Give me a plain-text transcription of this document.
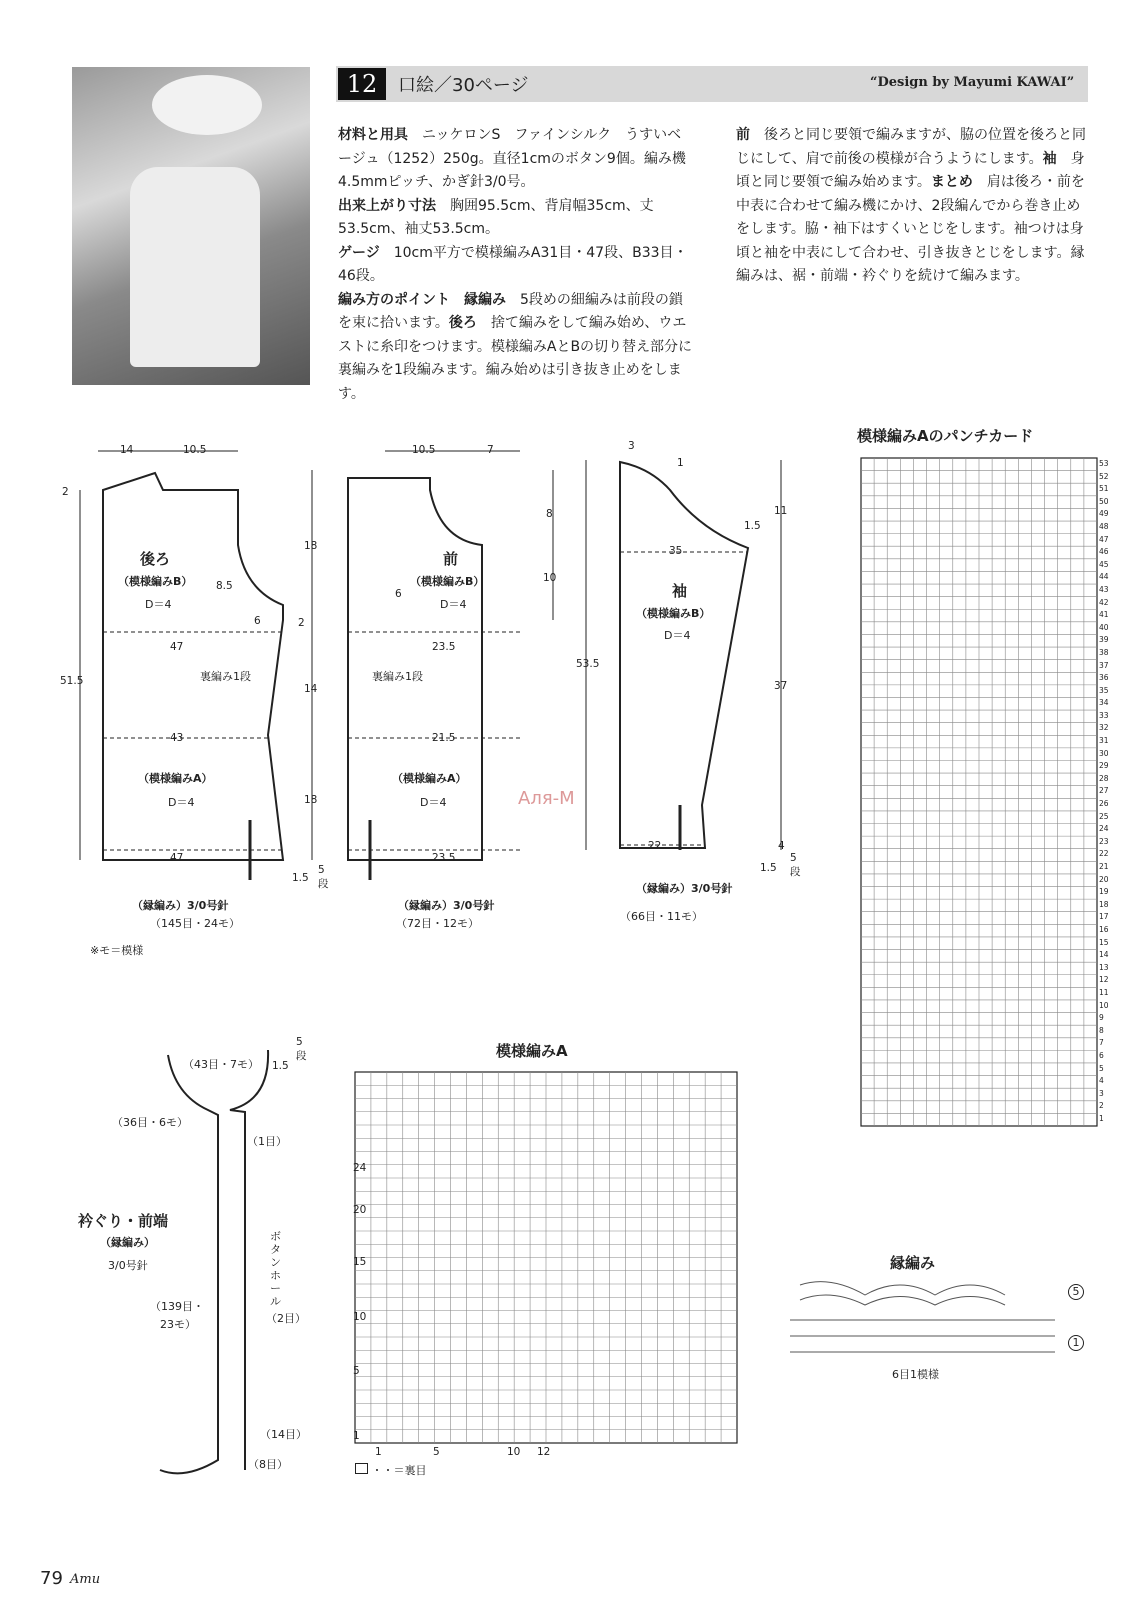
12	口絵／30ページ	“Design by Mayumi KAWAI”
材料と用具　 ニッケロンS　ファインシルク　うすいベージュ（1252）250g。直径1cmのボタン9個。編み機4.5mmピッチ、かぎ針3/0号。
出来上がり寸法　 胸囲95.5cm、背肩幅35cm、丈53.5cm、袖丈53.5cm。
ゲージ　 10cm平方で模様編みA31目・47段、B33目・46段。
編み方のポイント　 縁編み　 5段めの細編みは前段の鎖を束に拾います。後ろ　 捨て編みをして編み始め、ウエストに糸印をつけます。模様編みAとBの切り替え部分に裏編みを1段編みます。編み始めは引き抜き止めをします。
前　 後ろと同じ要領で編みますが、脇の位置を後ろと同じにして、肩で前後の模様が合うようにします。袖　 身頃と同じ要領で編み始めます。まとめ　 肩は後ろ・前を中表に合わせて編み機にかけ、2段編んでから巻き止めをします。脇・袖下はすくいとじをします。袖つけは身頃と袖を中表にして合わせ、引き抜きとじをします。縁編みは、裾・前端・衿ぐりを続けて編みます。
14	10.5
2
後ろ
（模様編みB）
D＝4
8.5
6
47
裏編み1段
43
（模様編みA）
D＝4
47
18
2
14
18
51.5
1.5
5段
（縁編み）3/0号針
（145目・24モ）
10.5	7
8
10
前
（模様編みB）
D＝4
6
23.5
裏編み1段
21.5
（模様編みA）
D＝4
23.5
（縁編み）3/0号針
（72目・12モ）
3
1
1.5
35
袖
（模様編みB）
D＝4
53.5
11
37
4
1.5
5段
22
（縁編み）3/0号針
（66目・11モ）
※モ＝模様
Аля-М
模様編みAのパンチカード
53
52
51
50
49
48
47
46
45
44
43
42
41
40
39
38
37
36
35
34
33
32
31
30
29
28
27
26
25
24
23
22
21
20
19
18
17
16
15
14
13
12
11
10
9
8
7
6
5
4
3
2
1
（43目・7モ） 1.5
5段
（36目・6モ）
（1目）
衿ぐり・前端
（縁編み）
3/0号針
ボタンホール
（2目）
（139目・
23モ）
（14目）
（8目）
模様編みA
24
20
15
10
5
1
1	5	10 12
・・＝裏目
縁編み
6目1模様
5
1
79 Amu
